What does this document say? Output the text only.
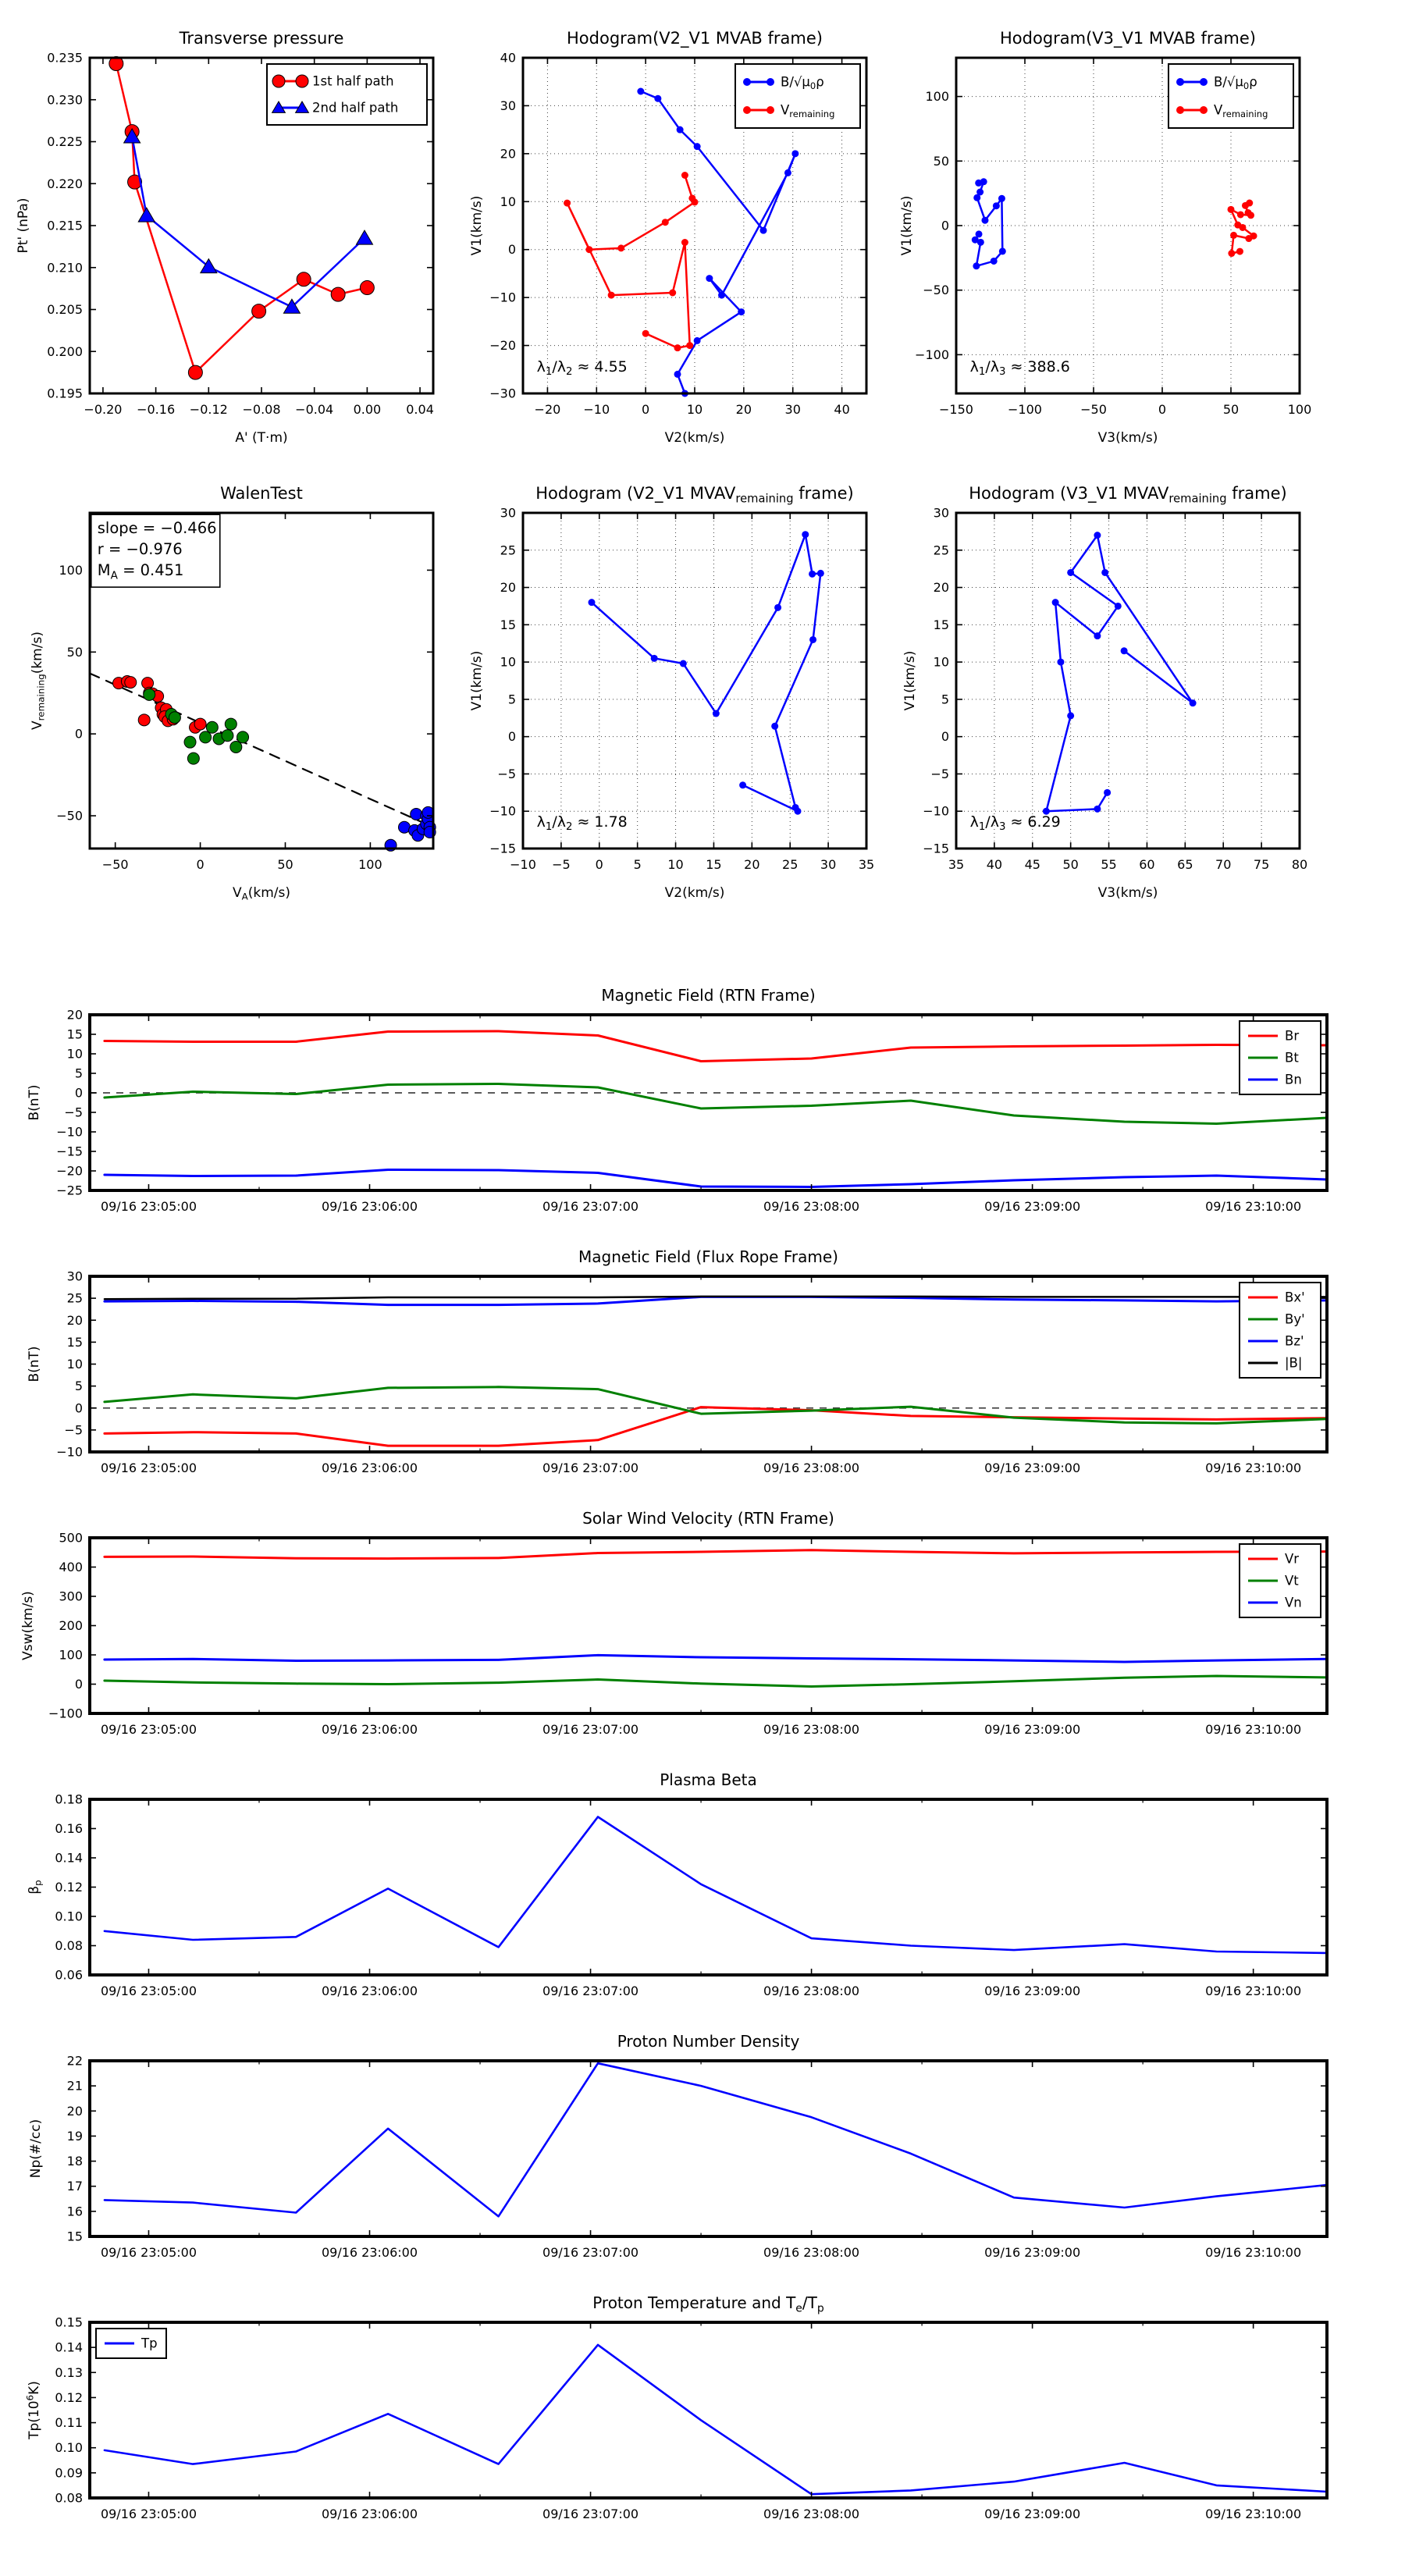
−0.20 −0.16 −0.12 −0.08 −0.04 0.00 0.04
0.195
0.200
0.205
0.210
0.215
0.220
0.225
0.230
0.235
Transverse pressure
A' (T·m)
Pt' (nPa)
1st half path
2nd half path
−20 −10	0	10	20	30	40
−30
−20
−10
0
10
20
30
40
Hodogram(V2_V1 MVAB frame)
V2(km/s)
V1(km/s)
$B/√\mu_0\rho$
$V_{remaining}$
$\lambda_1/\lambda_2 \approx 4.55$
−150	−100	−50	0	50	100
−100
−50
0
50
100
Hodogram(V3_V1 MVAB frame)
V3(km/s)
V1(km/s)
$B/√\mu_0\rho$
$V_{remaining}$
$\lambda_1/\lambda_3 \approx 388.6$
−50	0	50	100
−50
0
50
100
WalenTest
$V_A(km/s)$
$V_{remaining}(km/s)$
slope = −0.466
r = −0.976
$M_A = 0.451$
−10 −5 0 5 10 15 20 25 30 35
−15
−10
−5
0
5
10
15
20
25
30
Hodogram (V2_V1 $MVAV_{remaining}$ frame)
V2(km/s)
V1(km/s)
$\lambda_1/\lambda_2 \approx 1.78$
35 40 45 50 55 60 65 70 75 80
−15
−10
−5
0
5
10
15
20
25
30
Hodogram (V3_V1 $MVAV_{remaining}$ frame)
V3(km/s)
V1(km/s)
$\lambda_1/\lambda_3 \approx 6.29$
09/16 23:05:00	09/16 23:06:00	09/16 23:07:00	09/16 23:08:00	09/16 23:09:00	09/16 23:10:00
−25
−20
−15
−10
−5
0
5
10
15
20
Magnetic Field (RTN Frame)
B(nT)
Br
Bt
Bn
09/16 23:05:00	09/16 23:06:00	09/16 23:07:00	09/16 23:08:00	09/16 23:09:00	09/16 23:10:00
−10
−5
0
5
10
15
20
25
30
Magnetic Field (Flux Rope Frame)
B(nT)
Bx'
By'
Bz'
|B|
09/16 23:05:00	09/16 23:06:00	09/16 23:07:00	09/16 23:08:00	09/16 23:09:00	09/16 23:10:00
−100
0
100
200
300
400
500
Solar Wind Velocity (RTN Frame)
Vsw(km/s)
Vr
Vt
Vn
09/16 23:05:00	09/16 23:06:00	09/16 23:07:00	09/16 23:08:00	09/16 23:09:00	09/16 23:10:00
0.06
0.08
0.10
0.12
0.14
0.16
0.18
Plasma Beta
$\beta_p$
09/16 23:05:00	09/16 23:06:00	09/16 23:07:00	09/16 23:08:00	09/16 23:09:00	09/16 23:10:00
15
16
17
18
19
20
21
22
Proton Number Density
Np(#/cc)
09/16 23:05:00	09/16 23:06:00	09/16 23:07:00	09/16 23:08:00	09/16 23:09:00	09/16 23:10:00
0.08
0.09
0.10
0.11
0.12
0.13
0.14
0.15
Proton Temperature and $T_e/T_p$
$Tp(10^6K)$
Tp
